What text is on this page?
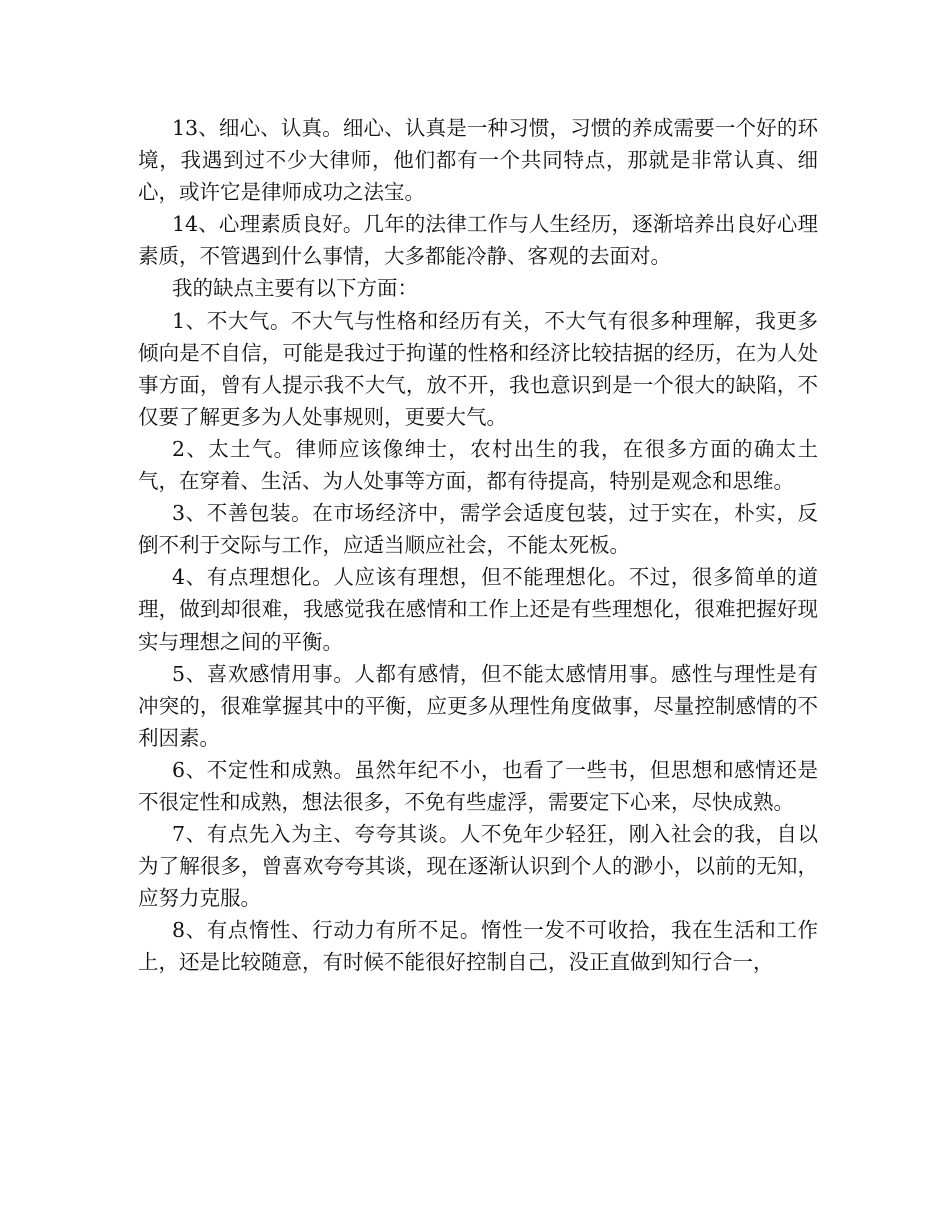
13、细心、认真。细心、认真是一种习惯，习惯的养成需要一个好的环境，我遇到过不少大律师，他们都有一个共同特点，那就是非常认真、细心，或许它是律师成功之法宝。

14、心理素质良好。几年的法律工作与人生经历，逐渐培养出良好心理素质，不管遇到什么事情，大多都能冷静、客观的去面对。

我的缺点主要有以下方面：

1、不大气。不大气与性格和经历有关，不大气有很多种理解，我更多倾向是不自信，可能是我过于拘谨的性格和经济比较拮据的经历，在为人处事方面，曾有人提示我不大气，放不开，我也意识到是一个很大的缺陷，不仅要了解更多为人处事规则，更要大气。

2、太土气。律师应该像绅士，农村出生的我，在很多方面的确太土气，在穿着、生活、为人处事等方面，都有待提高，特别是观念和思维。

3、不善包装。在市场经济中，需学会适度包装，过于实在，朴实，反倒不利于交际与工作，应适当顺应社会，不能太死板。

4、有点理想化。人应该有理想，但不能理想化。不过，很多简单的道理，做到却很难，我感觉我在感情和工作上还是有些理想化，很难把握好现实与理想之间的平衡。

5、喜欢感情用事。人都有感情，但不能太感情用事。感性与理性是有冲突的，很难掌握其中的平衡，应更多从理性角度做事，尽量控制感情的不利因素。

6、不定性和成熟。虽然年纪不小，也看了一些书，但思想和感情还是不很定性和成熟，想法很多，不免有些虚浮，需要定下心来，尽快成熟。

7、有点先入为主、夸夸其谈。人不免年少轻狂，刚入社会的我，自以为了解很多，曾喜欢夸夸其谈，现在逐渐认识到个人的渺小，以前的无知，应努力克服。

8、有点惰性、行动力有所不足。惰性一发不可收拾，我在生活和工作上，还是比较随意，有时候不能很好控制自己，没正直做到知行合一，
